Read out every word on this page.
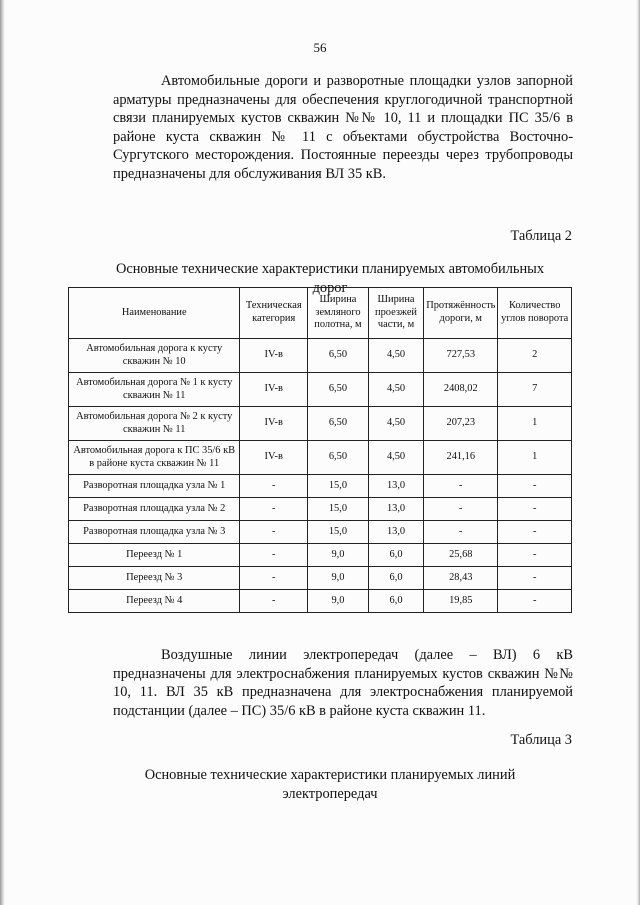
56

Автомобильные дороги и разворотные площадки узлов запорной арматуры предназначены для обеспечения круглогодичной транспортной связи планируемых кустов скважин №№ 10, 11 и площадки ПС 35/6 в районе куста скважин № 11 с объектами обустройства Восточно-Сургутского месторождения. Постоянные переезды через трубопроводы предназначены для обслуживания ВЛ 35 кВ.

Таблица 2
Основные технические характеристики планируемых автомобильных
дорог
Наименование	Техническая категория	Ширина земляного полотна, м	Ширина проезжей части, м	Протяжённость дороги, м	Количество углов поворота
Автомобильная дорога к кусту скважин № 10	IV-в	6,50	4,50	727,53	2
Автомобильная дорога № 1 к кусту скважин № 11	IV-в	6,50	4,50	2408,02	7
Автомобильная дорога № 2 к кусту скважин № 11	IV-в	6,50	4,50	207,23	1
Автомобильная дорога к ПС 35/6 кВ в районе куста скважин № 11	IV-в	6,50	4,50	241,16	1
Разворотная площадка узла № 1	-	15,0	13,0	-	-
Разворотная площадка узла № 2	-	15,0	13,0	-	-
Разворотная площадка узла № 3	-	15,0	13,0	-	-
Переезд № 1	-	9,0	6,0	25,68	-
Переезд № 3	-	9,0	6,0	28,43	-
Переезд № 4	-	9,0	6,0	19,85	-

Воздушные линии электропередач (далее – ВЛ) 6 кВ предназначены для электроснабжения планируемых кустов скважин №№ 10, 11. ВЛ 35 кВ предназначена для электроснабжения планируемой подстанции (далее – ПС) 35/6 кВ в районе куста скважин 11.

Таблица 3
Основные технические характеристики планируемых линий
электропередач
